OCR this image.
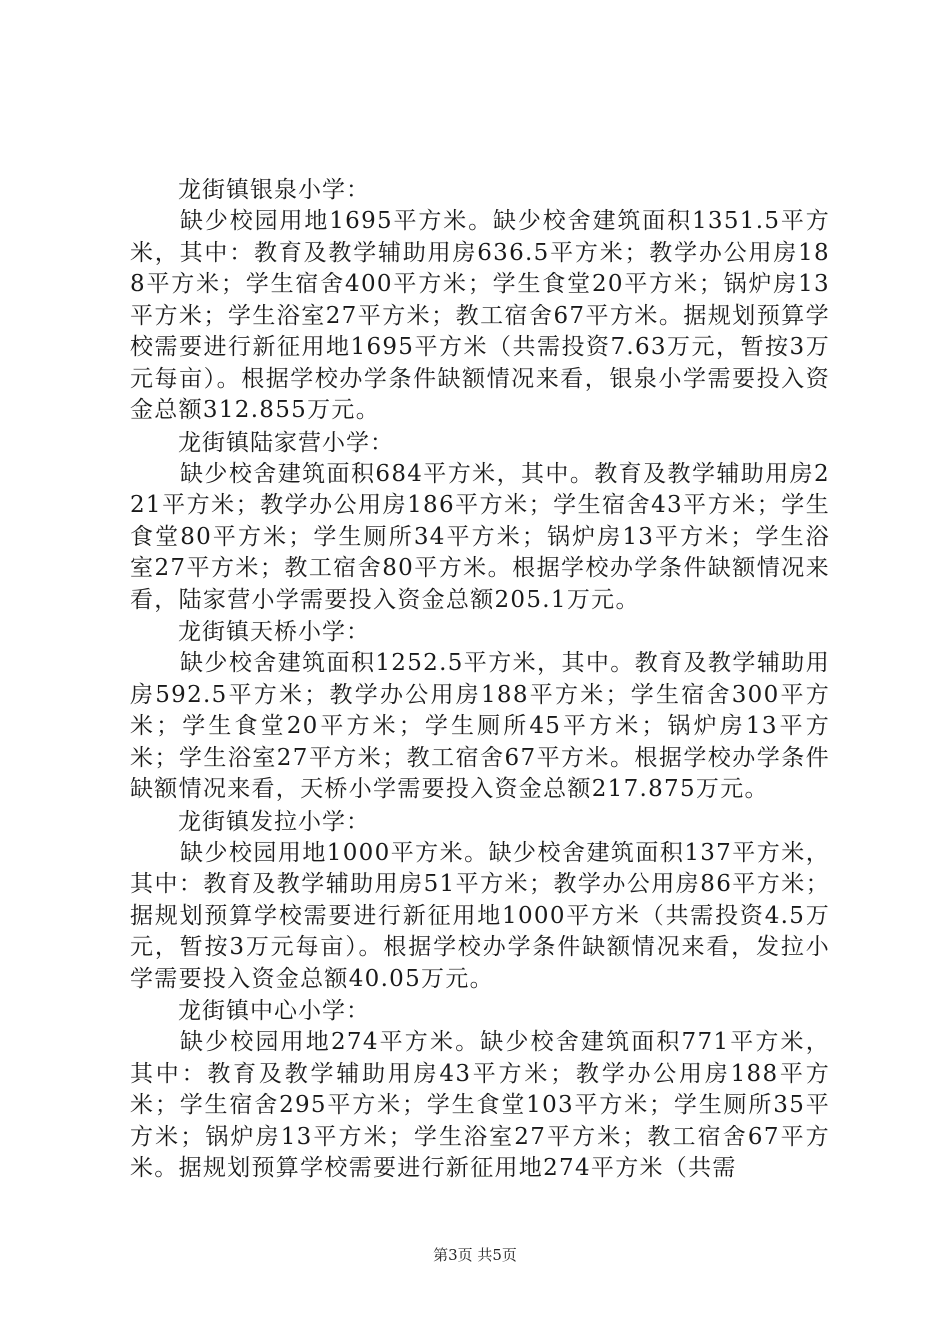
龙街镇银泉小学：
缺少校园用地1695平方米。缺少校舍建筑面积1351.5平方米，其中：教育及教学辅助用房636.5平方米；教学办公用房188平方米；学生宿舍400平方米；学生食堂20平方米；锅炉房13平方米；学生浴室27平方米；教工宿舍67平方米。据规划预算学校需要进行新征用地1695平方米（共需投资7.63万元，暂按3万元每亩）。根据学校办学条件缺额情况来看，银泉小学需要投入资金总额312.855万元。
龙街镇陆家营小学：
缺少校舍建筑面积684平方米，其中。教育及教学辅助用房221平方米；教学办公用房186平方米；学生宿舍43平方米；学生食堂80平方米；学生厕所34平方米；锅炉房13平方米；学生浴室27平方米；教工宿舍80平方米。根据学校办学条件缺额情况来看，陆家营小学需要投入资金总额205.1万元。
龙街镇天桥小学：
缺少校舍建筑面积1252.5平方米，其中。教育及教学辅助用房592.5平方米；教学办公用房188平方米；学生宿舍300平方米；学生食堂20平方米；学生厕所45平方米；锅炉房13平方米；学生浴室27平方米；教工宿舍67平方米。根据学校办学条件缺额情况来看，天桥小学需要投入资金总额217.875万元。
龙街镇发拉小学：
缺少校园用地1000平方米。缺少校舍建筑面积137平方米，其中：教育及教学辅助用房51平方米；教学办公用房86平方米；据规划预算学校需要进行新征用地1000平方米（共需投资4.5万元，暂按3万元每亩）。根据学校办学条件缺额情况来看，发拉小学需要投入资金总额40.05万元。
龙街镇中心小学：
缺少校园用地274平方米。缺少校舍建筑面积771平方米，其中：教育及教学辅助用房43平方米；教学办公用房188平方米；学生宿舍295平方米；学生食堂103平方米；学生厕所35平方米；锅炉房13平方米；学生浴室27平方米；教工宿舍67平方米。据规划预算学校需要进行新征用地274平方米（共需
第3页 共5页
